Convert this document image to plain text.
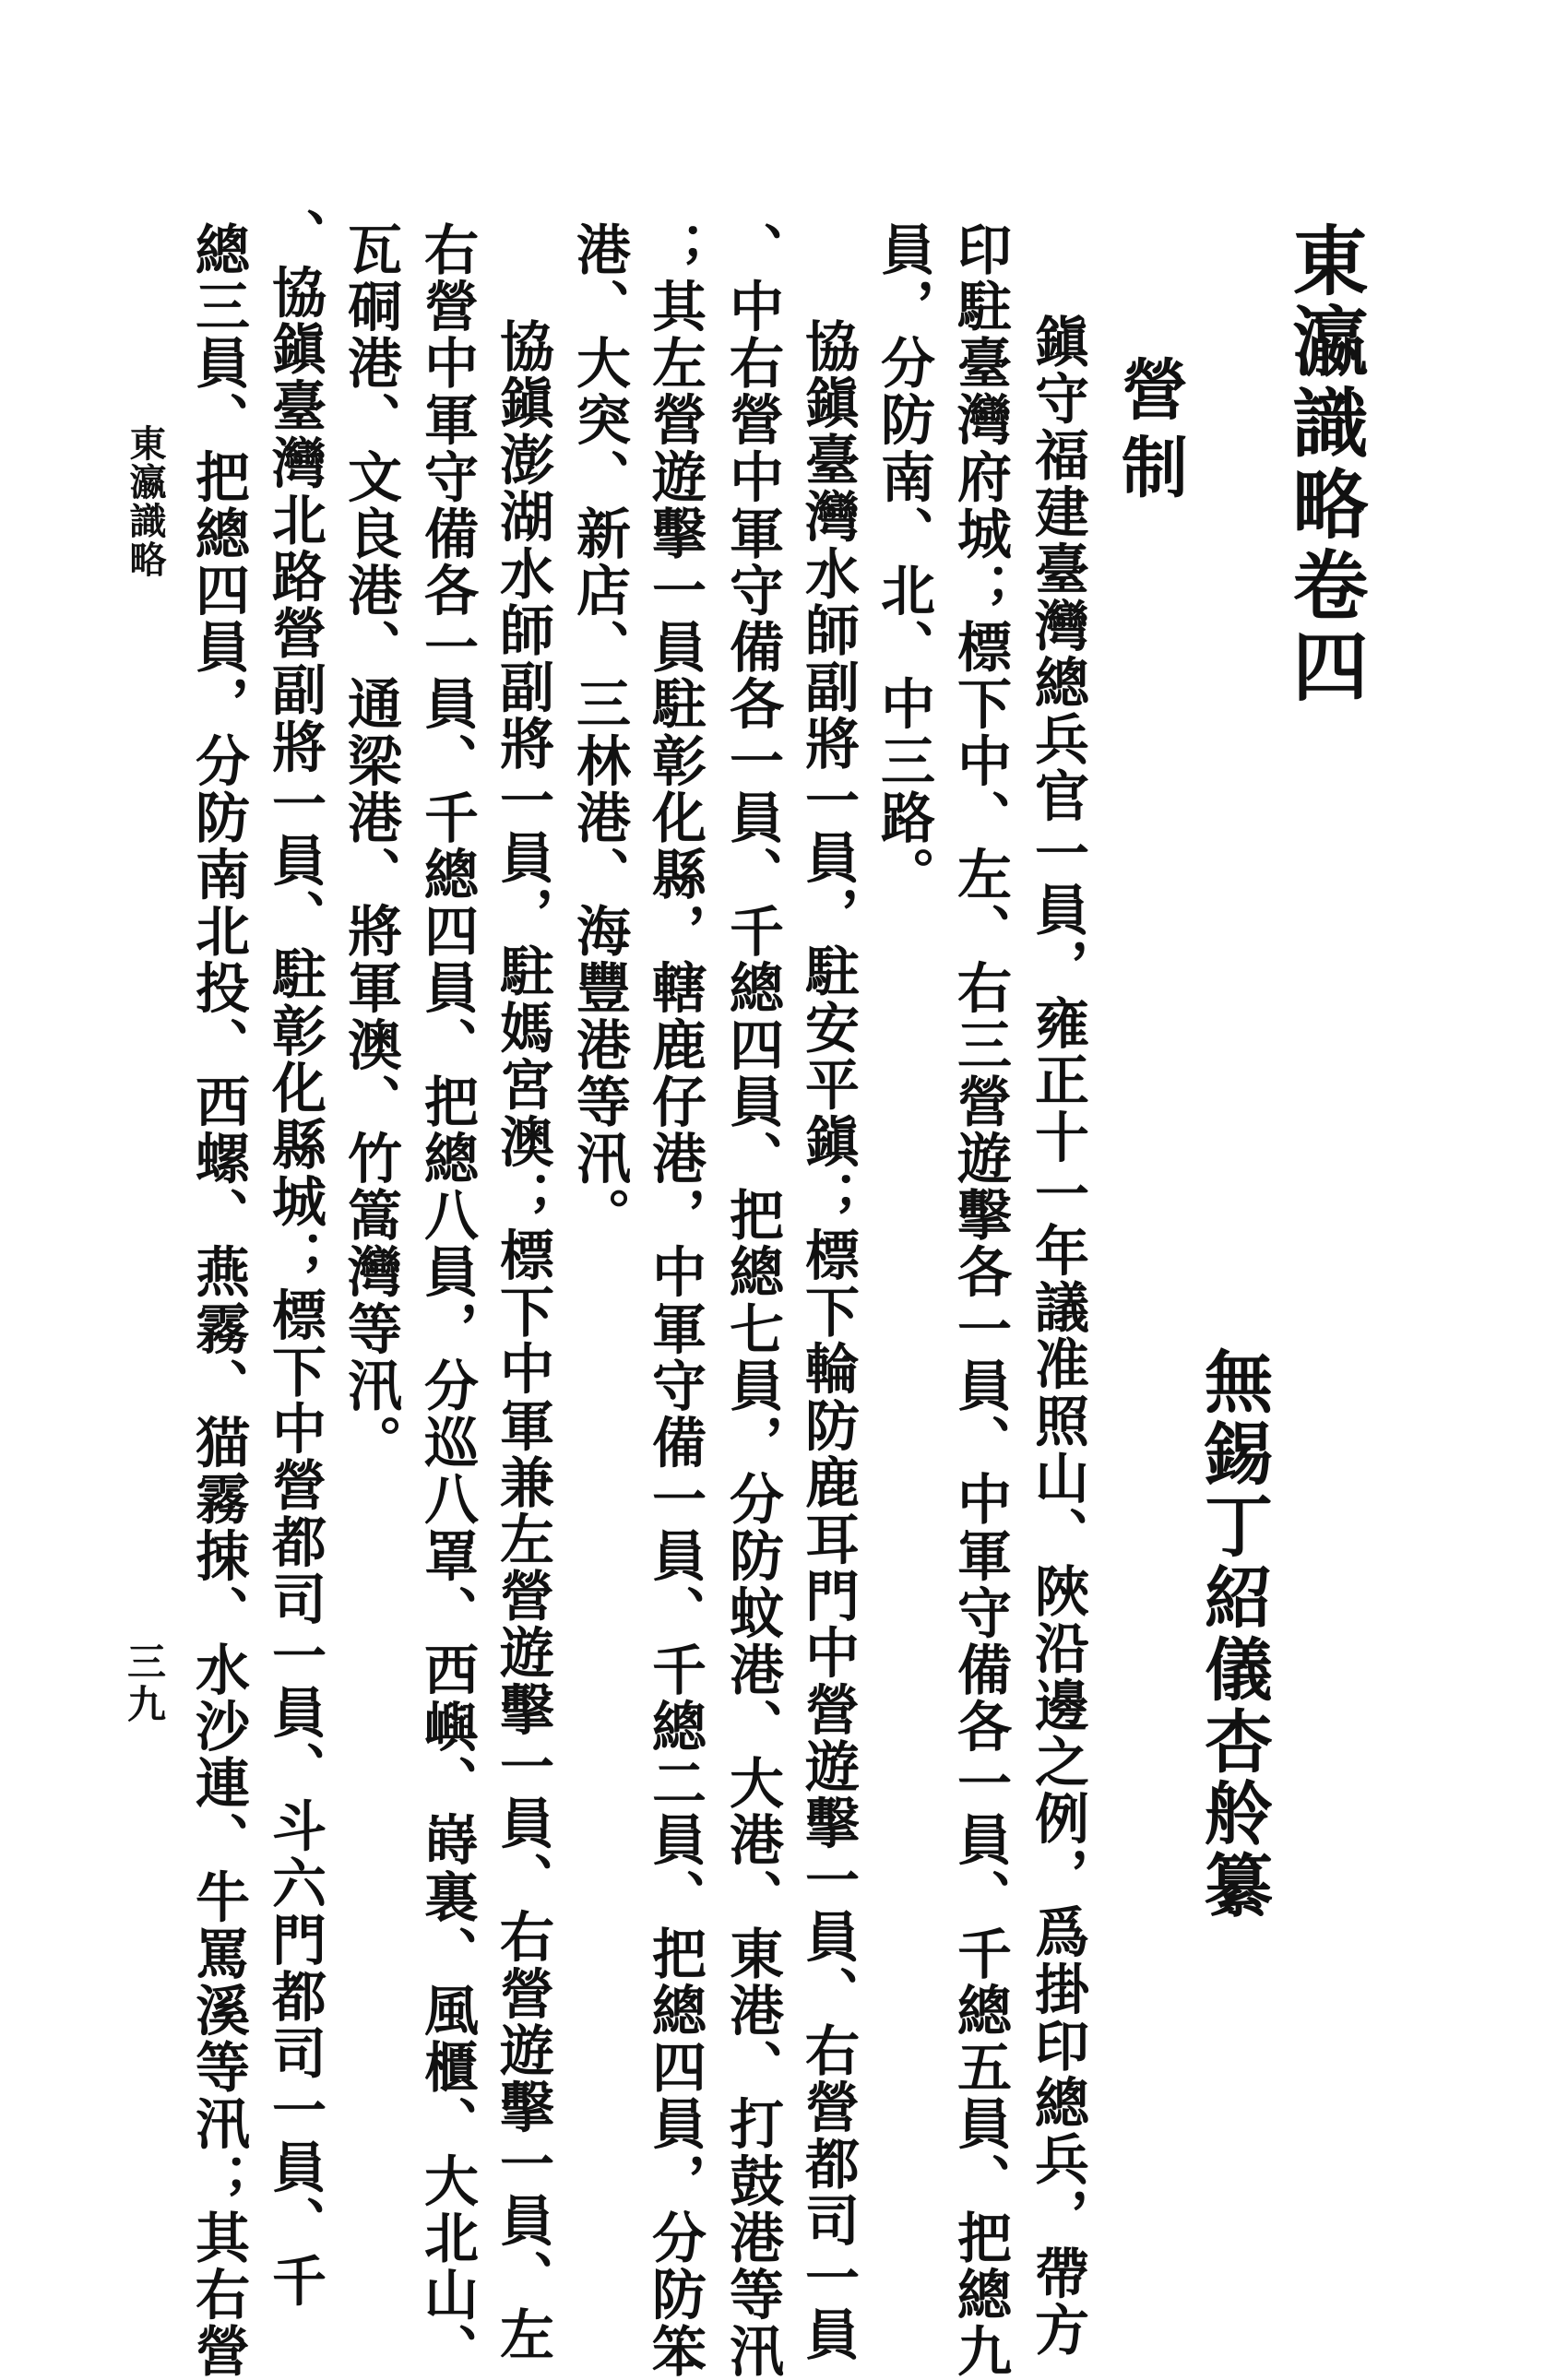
東瀛識略卷四
無錫丁紹儀杏舲纂
營制
鎭守福建臺灣總兵官一員，雍正十一年議准照山、陜沿邊之例，爲掛印總兵，帶方
印駐臺灣府城；標下中、左、右三營遊擊各一員、中軍守備各一員、千總五員、把總九
員，分防南、北、中三路。
協鎭臺灣水師副將一員，駐安平鎭；標下輪防鹿耳門中營遊擊一員、右營都司一員
、中右營中軍守備各一員、千總四員、把總七員，分防蚊港、大港、東港、打鼓港等汛
；其左營遊擊一員駐彰化縣，轄鹿仔港，中軍守備一員、千總二員、把總四員，分防笨
港、大突、新店、三林港、海豐港等汛。
協鎭澎湖水師副將一員，駐媽宮澳；標下中軍兼左營遊擊一員、右營遊擊一員、左
右營中軍守備各一員、千總四員、把總八員，分巡八罩、西嶼、嵵裏、風櫃、大北山、
瓦硐港、文良港、通梁港、將軍澳、竹篙灣等汛。
、協鎭臺灣北路營副將一員、駐彰化縣城；標下中營都司一員、斗六門都司一員、千
總三員、把總四員，分防南北投、西螺、燕霧、猫霧捒、水沙連、牛罵溪等汛；其右營
東瀛識略
三九
